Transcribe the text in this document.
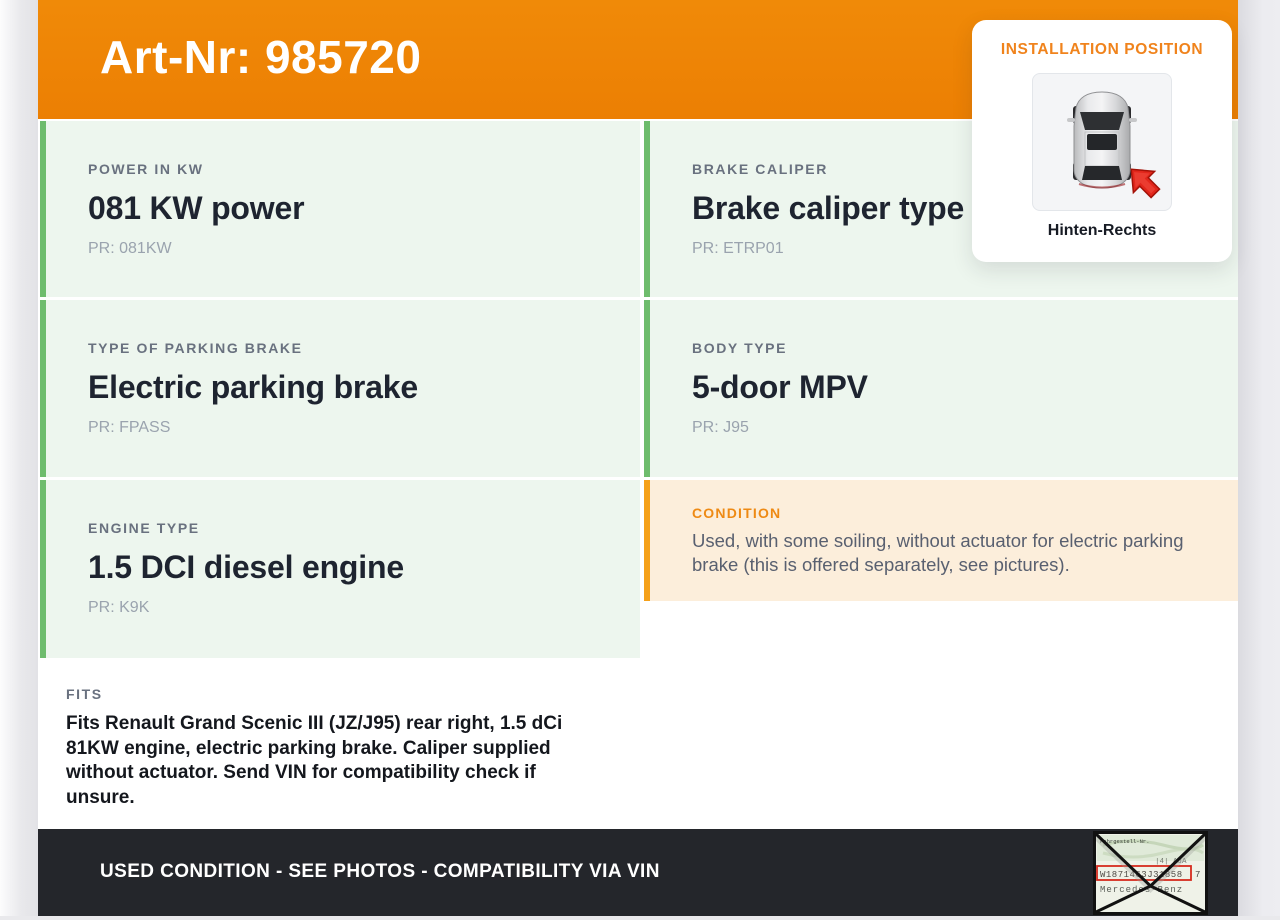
Art-Nr: 985720
POWER IN KW
081 KW power
PR: 081KW
BRAKE CALIPER
Brake caliper type
PR: ETRP01
TYPE OF PARKING BRAKE
Electric parking brake
PR: FPASS
BODY TYPE
5-door MPV
PR: J95
ENGINE TYPE
1.5 DCI diesel engine
PR: K9K
CONDITION
Used, with some soiling, without actuator for electric parking brake (this is offered separately, see pictures).
FITS
Fits Renault Grand Scenic III (JZ/J95) rear right, 1.5 dCi 81KW engine, electric parking brake. Caliper supplied without actuator. Send VIN for compatibility check if unsure.
USED CONDITION - SEE PHOTOS - COMPATIBILITY VIA VIN
INSTALLATION POSITION
Hinten-Rechts
Fahrgestell-Nr.
|4| AJA
W1871463J31858 7
Mercedes-Benz
